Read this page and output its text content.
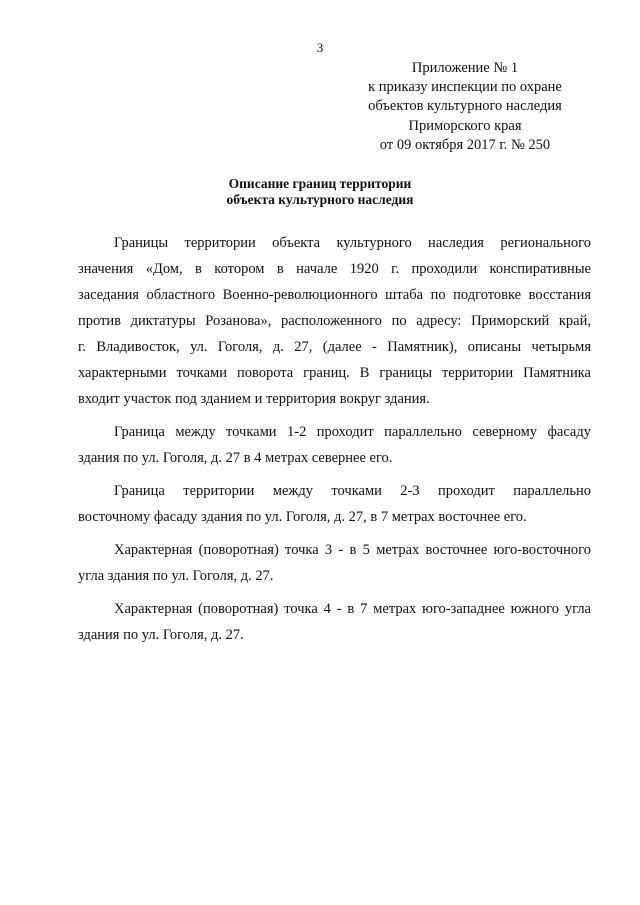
3
Приложение № 1
к приказу инспекции по охране
объектов культурного наследия
Приморского края
от 09 октября 2017 г. № 250
Описание границ территории
объекта культурного наследия
Границы территории объекта культурного наследия регионального
значения «Дом, в котором в начале 1920 г. проходили конспиративные
заседания областного Военно-революционного штаба по подготовке восстания
против диктатуры Розанова», расположенного по адресу: Приморский край,
г. Владивосток, ул. Гоголя, д. 27, (далее - Памятник), описаны четырьмя
характерными точками поворота границ. В границы территории Памятника
входит участок под зданием и территория вокруг здания.
Граница между точками 1-2 проходит параллельно северному фасаду
здания по ул. Гоголя, д. 27 в 4 метрах севернее его.
Граница территории между точками 2-3 проходит параллельно
восточному фасаду здания по ул. Гоголя, д. 27, в 7 метрах восточнее его.
Характерная (поворотная) точка 3 - в 5 метрах восточнее юго-восточного
угла здания по ул. Гоголя, д. 27.
Характерная (поворотная) точка 4 - в 7 метрах юго-западнее южного угла
здания по ул. Гоголя, д. 27.
